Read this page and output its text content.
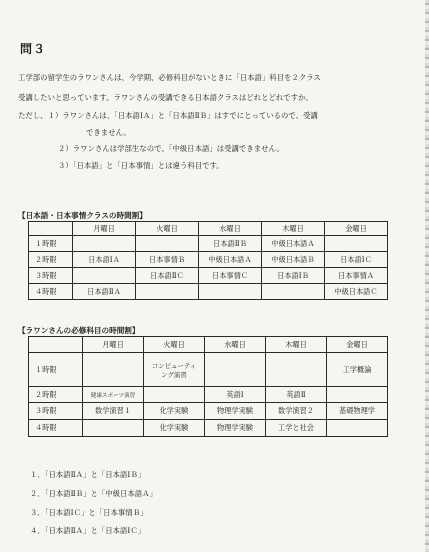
問３
工学部の留学生のラワンさんは、今学期、必修科目がないときに「日本語」科目を２クラス
受講したいと思っています。ラワンさんの受講できる日本語クラスはどれとどれですか。
ただし、１）ラワンさんは、「日本語ⅠＡ」と「日本語ⅡＢ」はすでにとっているので、受講
できません。
２）ラワンさんは学部生なので、「中級日本語」は受講できません。
３）「日本語」と「日本事情」とは違う科目です。
【日本語・日本事情クラスの時間割】
	月曜日	火曜日	水曜日	木曜日	金曜日
１時限			日本語ⅡＢ	中級日本語Ａ	
２時限	日本語ⅠＡ	日本事情Ｂ	中級日本語Ａ	中級日本語Ｂ	日本語ⅠＣ
３時限		日本語ⅡＣ	日本事情Ｃ	日本語ⅠＢ	日本事情Ａ
４時限	日本語ⅡＡ				中級日本語Ｃ
【ラワンさんの必修科目の時間割】
	月曜日	火曜日	水曜日	木曜日	金曜日
１時限		コンピューティング演習			工学概論
２時限	健康スポーツ演習		英語Ⅰ	英語Ⅱ	
３時限	数学演習１	化学実験	物理学実験	数学演習２	基礎物理学
４時限		化学実験	物理学実験	工学と社会	
１．「日本語ⅡＡ」と「日本語ⅠＢ」
２．「日本語ⅡＢ」と「中級日本語Ａ」
３．「日本語ⅠＣ」と「日本事情Ｂ」
４．「日本語ⅡＡ」と「日本語ⅠＣ」
